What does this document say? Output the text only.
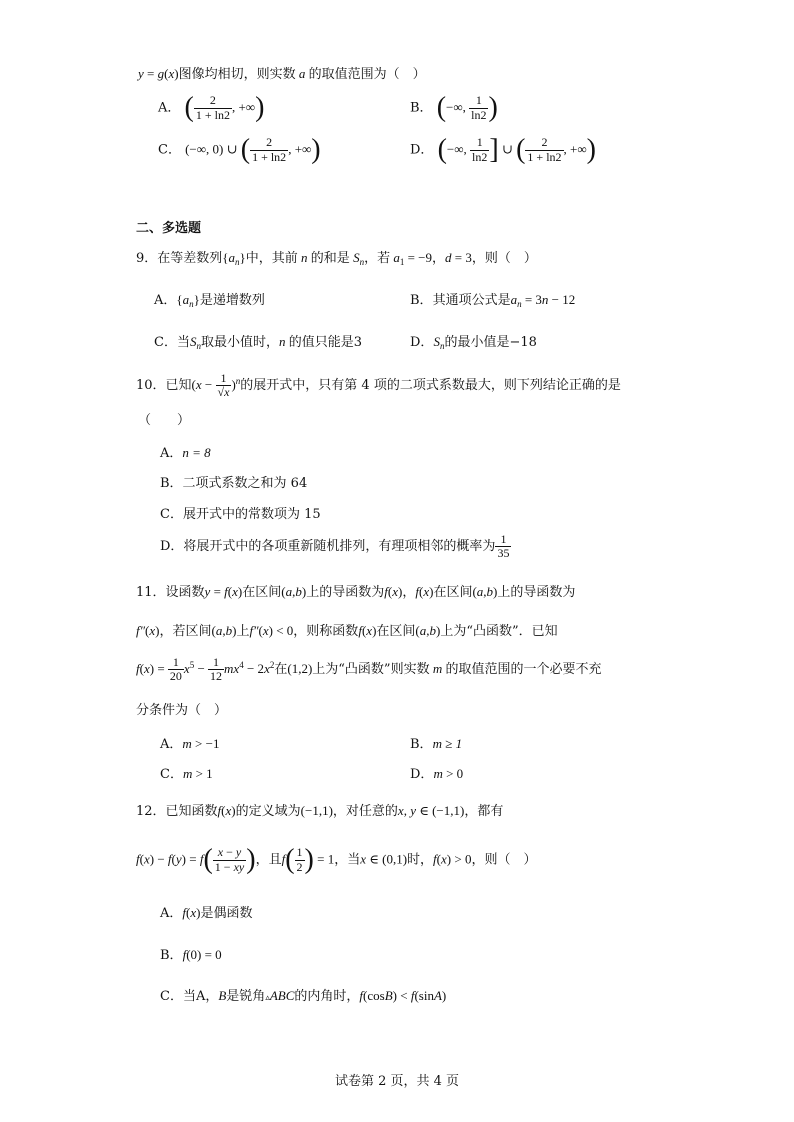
y = g(x)图像均相切，则实数 a 的取值范围为（　）
A． ( $\frac{2}{1 + \ln 2}$ , +∞)	B． (−∞, $\frac{1}{\ln 2}$ )
C． (−∞, 0) ∪ ( $\frac{2}{1 + \ln 2}$ , +∞)	D． (−∞, $\frac{1}{\ln 2}$ ] ∪ ( $\frac{2}{1 + \ln 2}$ , +∞)
二、多选题
9．在等差数列$\{a_n\}$中，其前 n 的和是 $S_n$，若 $a_1 = -9$，d = 3，则（　）
A．$\{a_n\}$是递增数列	B．其通项公式是$a_n = 3n - 12$
C．当$S_n$取最小值时，n 的值只能是3	D．$S_n$的最小值是−18
10．已知$(x - \frac{1}{√x} )^n$的展开式中，只有第 4 项的二项式系数最大，则下列结论正确的是
（　　）
A．n = 8
B．二项式系数之和为 64
C．展开式中的常数项为 15
D．将展开式中的各项重新随机排列，有理项相邻的概率为 $\frac{1}{35}$
11．设函数y = f(x)在区间(a,b)上的导函数为f(x)，f(x)在区间(a,b)上的导函数为
f″(x)，若区间(a,b)上f″(x) < 0，则称函数f(x)在区间(a,b)上为“凸函数”．已知
$f(x) = \frac{1}{20} x^5 - \frac{1}{12} mx^4 - 2x^2$在(1,2)上为“凸函数”则实数 m 的取值范围的一个必要不充
分条件为（　）
A．m > −1	B．m ≥ 1
C．m > 1	D．m > 0
12．已知函数f(x)的定义域为(−1,1)，对任意的x, y ∈ (−1,1)，都有
$f(x) - f(y) = f( \frac{x - y}{1 - xy}$ )，且$f( \frac{1}{2}$ ) = 1，当x ∈ (0,1)时，f(x) > 0，则（　）
A．f(x)是偶函数
B．f(0) = 0
C．当A，B是锐角▵ABC的内角时，f(cosB) < f(sinA)
试卷第 2 页，共 4 页
